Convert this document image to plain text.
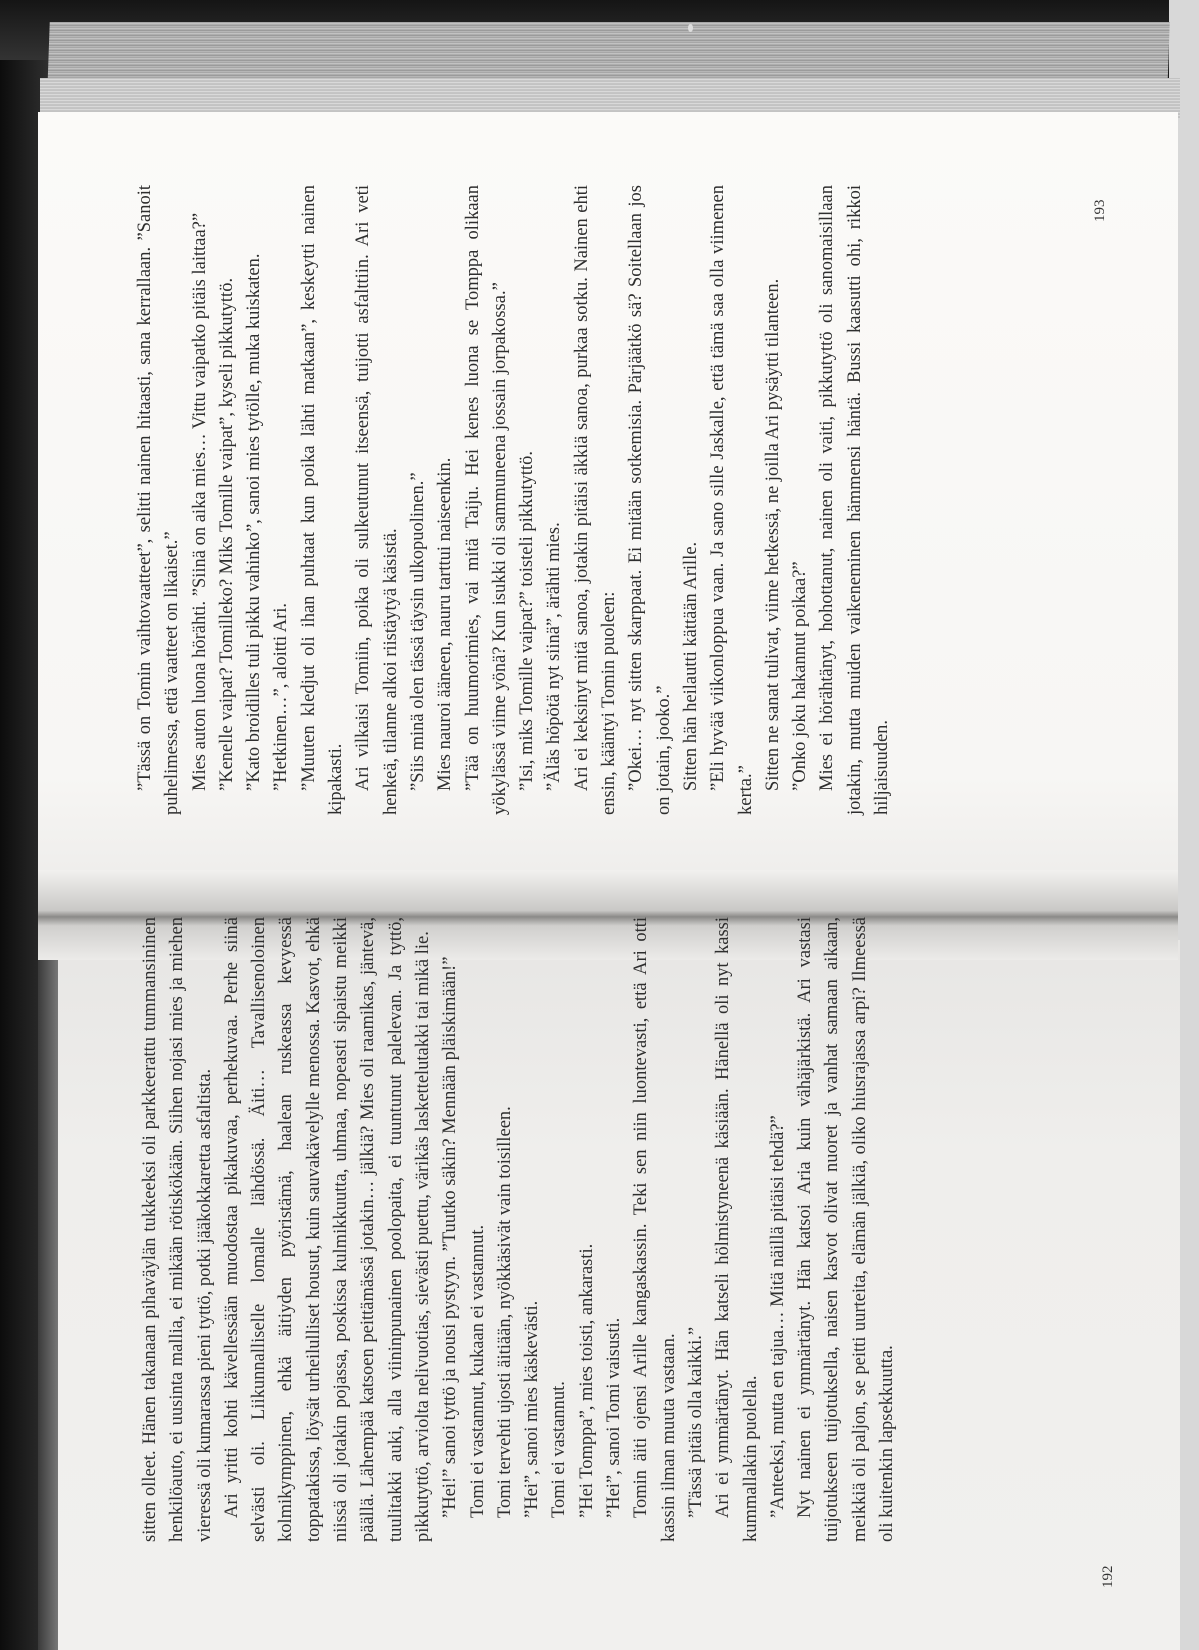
”Tässä on Tomin vaihtovaatteet”, selitti nainen hitaasti, sana kerrallaan. ”Sanoit puhelimessa, että vaatteet on likaiset.” Mies auton luona hörähti. ”Siinä on aika mies… Vittu vaipatko pitäis laittaa?” ”Kenelle vaipat? Tomilleko? Miks Tomille vaipat”, kyseli pikkutyttö. ”Kato broidilles tuli pikku vahinko”, sanoi mies tytölle, muka kuiskaten. ”Hetkinen…”, aloitti Ari. ”Muuten kledjut oli ihan puhtaat kun poika lähti matkaan”, keskeytti nainen kipakasti. Ari vilkaisi Tomiin, poika oli sulkeutunut itseensä, tuijotti asfalttiin. Ari veti henkeä, tilanne alkoi riistäytyä käsistä. ”Siis minä olen tässä täysin ulkopuolinen.” Mies nauroi ääneen, nauru tarttui naiseenkin. ”Tää on huumorimies, vai mitä Taiju. Hei kenes luona se Tomppa olikaan yökylässä viime yönä? Kun isukki oli sammuneena jossain jorpakossa.” ”Isi, miks Tomille vaipat?” toisteli pikkutyttö. ”Äläs höpötä nyt siinä”, ärähti mies. Ari ei keksinyt mitä sanoa, jotakin pitäisi äkkiä sanoa, purkaa sotku. Nainen ehti ensin, kääntyi Tomin puoleen: ”Okei… nyt sitten skarppaat. Ei mitään sotkemisia. Pärjäätkö sä? Soitellaan jos on jotain, jooko.” Sitten hän heilautti kättään Arille. ”Eli hyvää viikonloppua vaan. Ja sano sille Jaskalle, että tämä saa olla viimenen kerta.” Sitten ne sanat tulivat, viime hetkessä, ne joilla Ari pysäytti tilanteen. ”Onko joku hakannut poikaa?” Mies ei hörähtänyt, hohottanut, nainen oli vaiti, pikkutyttö oli sanomaisillaan jotakin, mutta muiden vaikeneminen hämmensi häntä. Bussi kaasutti ohi, rikkoi hiljaisuuden.

193

sitten olleet. Hänen takanaan pihaväylän tukkeeksi oli parkkeerattu tummansininen henkilöauto, ei uusinta mallia, ei mikään rötiskökään. Siihen nojasi mies ja miehen vieressä oli kumarassa pieni tyttö, potki jääkokkaretta asfaltista. Ari yritti kohti kävellessään muodostaa pikakuvaa, perhekuvaa. Perhe siinä selvästi oli. Liikunnalliselle lomalle lähdössä. Äiti… Tavallisenoloinen kolmikymppinen, ehkä äitiyden pyöristämä, haalean ruskeassa kevyessä toppatakissa, löysät urheilulliset housut, kuin sauvakävelylle menossa. Kasvot, ehkä niissä oli jotakin pojassa, poskissa kulmikkuutta, uhmaa, nopeasti sipaistu meikki päällä. Lähempää katsoen peittämässä jotakin… jälkiä? Mies oli raamikas, jäntevä, tuulitakki auki, alla viininpunainen poolopaita, ei tuuntunut palelevan. Ja tyttö, pikkutyttö, arviolta nelivuotias, sievästi puettu, värikäs laskettelutakki tai mikä lie. ”Hei!” sanoi tyttö ja nousi pystyyn. ”Tuutko säkin? Mennään pläiskimään!” Tomi ei vastannut, kukaan ei vastannut. Tomi tervehti ujosti äitiään, nyökkäsivät vain toisilleen. ”Hei”, sanoi mies käskevästi. Tomi ei vastannut. ”Hei Tomppa”, mies toisti, ankarasti. ”Hei”, sanoi Tomi vaisusti. Tomin äiti ojensi Arille kangaskassin. Teki sen niin luontevasti, että Ari otti kassin ilman muuta vastaan. ”Tässä pitäis olla kaikki.” Ari ei ymmärtänyt. Hän katseli hölmistyneenä käsiään. Hänellä oli nyt kassi kummallakin puolella. ”Anteeksi, mutta en tajua… Mitä näillä pitäisi tehdä?” Nyt nainen ei ymmärtänyt. Hän katsoi Aria kuin vähäjärkistä. Ari vastasi tuijotukseen tuijotuksella, naisen kasvot olivat nuoret ja vanhat samaan aikaan, meikkiä oli paljon, se peitti uurteita, elämän jälkiä, oliko hiusrajassa arpi? Ilmeessä oli kuitenkin lapsekkuutta.

192
